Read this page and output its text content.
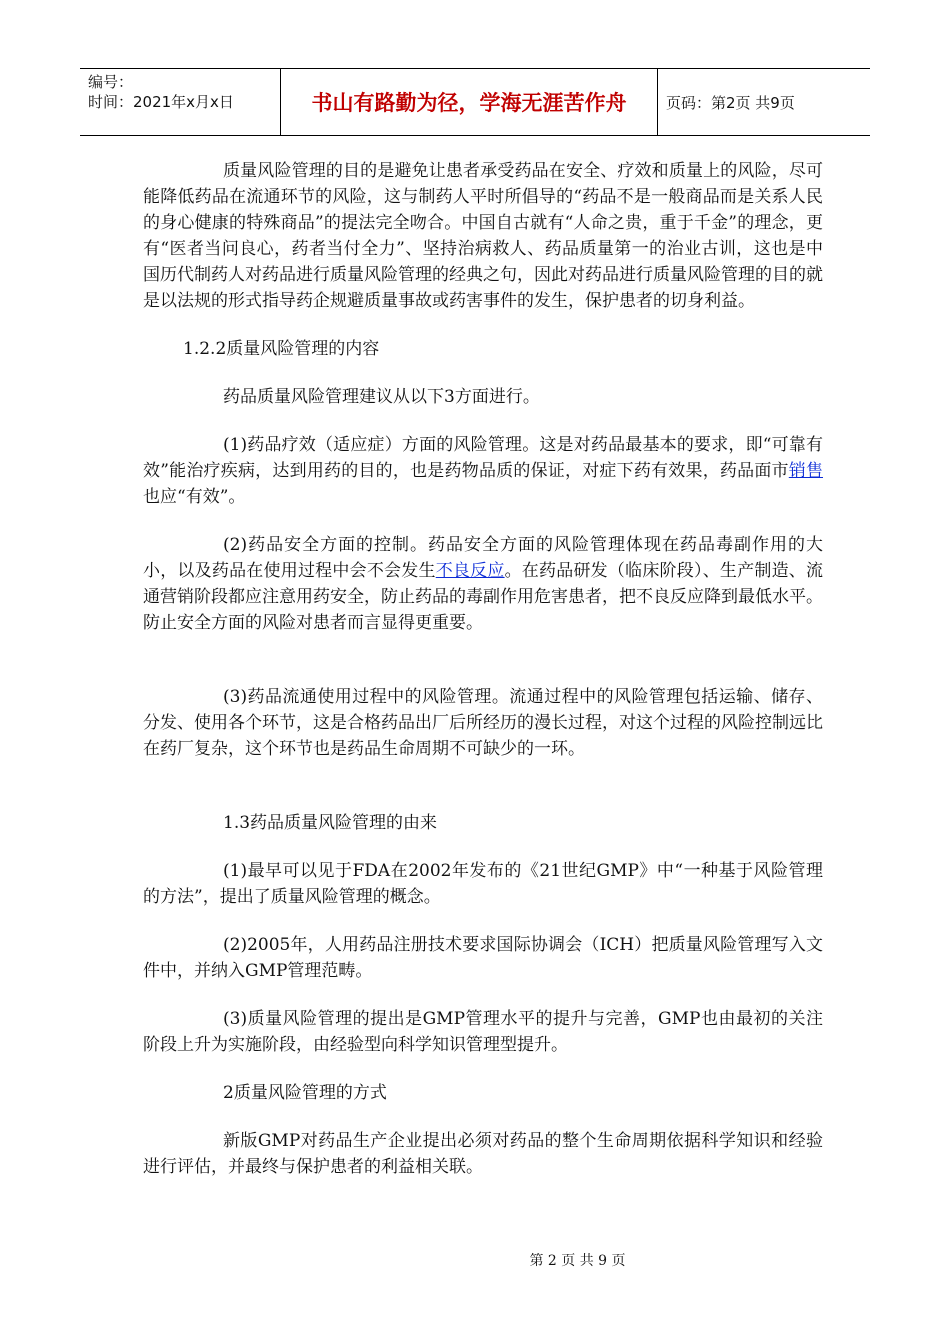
编号：
时间：2021年x月x日	书山有路勤为径，学海无涯苦作舟	页码：第2页 共9页

质量风险管理的目的是避免让患者承受药品在安全、疗效和质量上的风险，尽可能降低药品在流通环节的风险，这与制药人平时所倡导的“药品不是一般商品而是关系人民的身心健康的特殊商品”的提法完全吻合。中国自古就有“人命之贵，重于千金”的理念，更有“医者当问良心，药者当付全力”、坚持治病救人、药品质量第一的治业古训，这也是中国历代制药人对药品进行质量风险管理的经典之句，因此对药品进行质量风险管理的目的就是以法规的形式指导药企规避质量事故或药害事件的发生，保护患者的切身利益。

1.2.2质量风险管理的内容

药品质量风险管理建议从以下3方面进行。

(1)药品疗效（适应症）方面的风险管理。这是对药品最基本的要求，即“可靠有效”能治疗疾病，达到用药的目的，也是药物品质的保证，对症下药有效果，药品面市销售也应“有效”。

(2)药品安全方面的控制。药品安全方面的风险管理体现在药品毒副作用的大小，以及药品在使用过程中会不会发生不良反应。在药品研发（临床阶段）、生产制造、流通营销阶段都应注意用药安全，防止药品的毒副作用危害患者，把不良反应降到最低水平。防止安全方面的风险对患者而言显得更重要。

(3)药品流通使用过程中的风险管理。流通过程中的风险管理包括运输、储存、分发、使用各个环节，这是合格药品出厂后所经历的漫长过程，对这个过程的风险控制远比在药厂复杂，这个环节也是药品生命周期不可缺少的一环。

1.3药品质量风险管理的由来

(1)最早可以见于FDA在2002年发布的《21世纪GMP》中“一种基于风险管理的方法”，提出了质量风险管理的概念。

(2)2005年，人用药品注册技术要求国际协调会（ICH）把质量风险管理写入文件中，并纳入GMP管理范畴。

(3)质量风险管理的提出是GMP管理水平的提升与完善，GMP也由最初的关注阶段上升为实施阶段，由经验型向科学知识管理型提升。

2质量风险管理的方式

新版GMP对药品生产企业提出必须对药品的整个生命周期依据科学知识和经验进行评估，并最终与保护患者的利益相关联。

第 2 页 共 9 页
